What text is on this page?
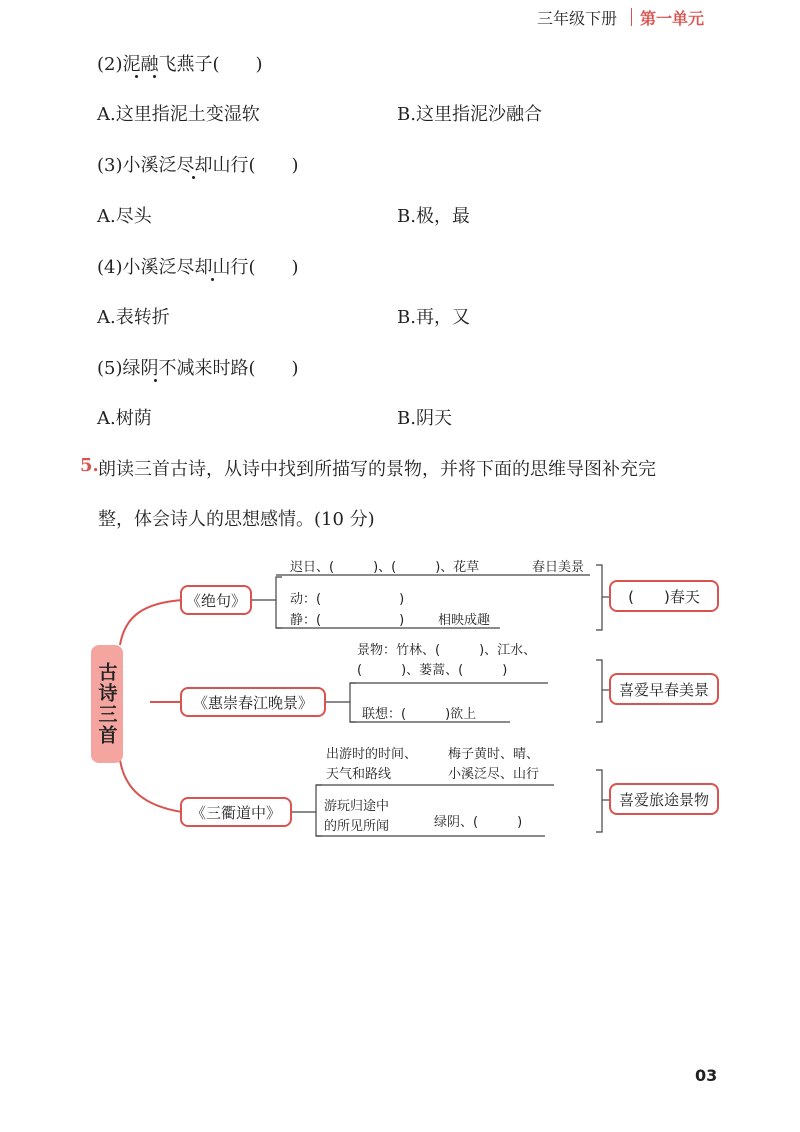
三年级下册 第一单元
(2)泥融飞燕子(　　)
A.这里指泥土变湿软	B.这里指泥沙融合
(3)小溪泛尽却山行(　　)
A.尽头	B.极，最
(4)小溪泛尽却山行(　　)
A.表转折	B.再，又
(5)绿阴不减来时路(　　)
A.树荫	B.阴天
5. 朗读三首古诗，从诗中找到所描写的景物，并将下面的思维导图补充完
整，体会诗人的思想感情。(10 分)
古诗三首
《绝句》
迟日、(　　　)、(　　　)、花草	春日美景
动：(　　　　　　)
静：(　　　　　　)	相映成趣
(　　)春天
《惠崇春江晚景》
景物：竹林、(　　　)、江水、
(　　　)、蒌蒿、(　　　)
联想：(　　　)欲上
喜爱早春美景
《三衢道中》
出游时的时间、
天气和路线
梅子黄时、晴、
小溪泛尽、山行
游玩归途中
的所见所闻	绿阴、(　　　)
喜爱旅途景物
03
